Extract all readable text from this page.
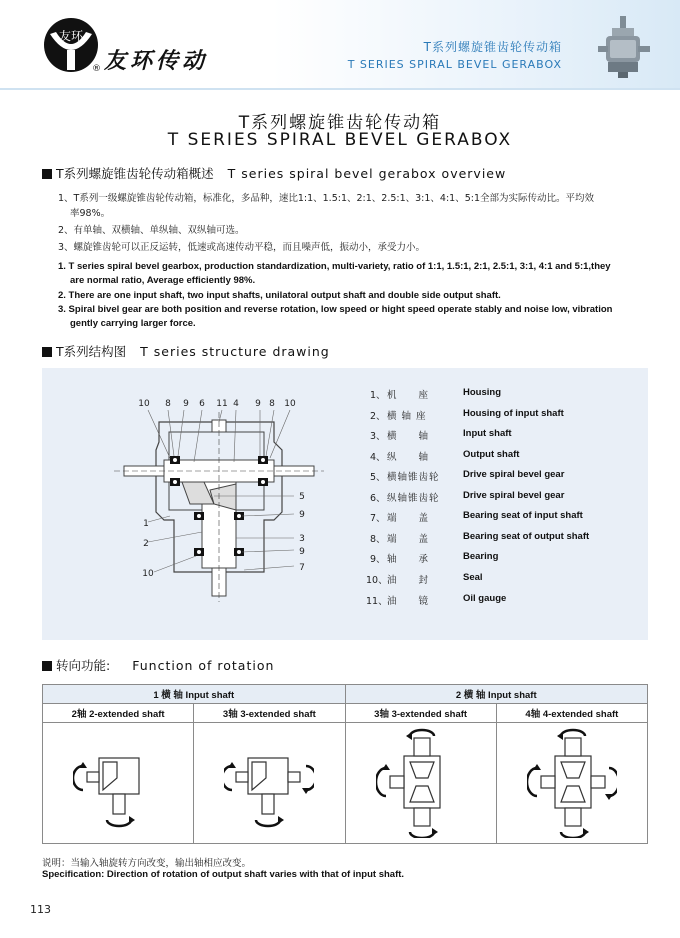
友环
® 友环传动
T系列螺旋锥齿轮传动箱
T SERIES SPIRAL BEVEL GERABOX
T系列螺旋锥齿轮传动箱
T SERIES SPIRAL BEVEL GERABOX
T系列螺旋锥齿轮传动箱概述 T series spiral bevel gerabox overview
1、T系列一级螺旋锥齿轮传动箱，标准化，多品种，速比1:1、1.5:1、2:1、2.5:1、3:1、4:1、5:1全部为实际传动比。平均效
率98%。
2、有单轴、双横轴、单纵轴、双纵轴可选。
3、螺旋锥齿轮可以正反运转，低速或高速传动平稳，而且噪声低，振动小，承受力小。
1. T series spiral bevel gearbox, production standardization, multi-variety, ratio of 1:1, 1.5:1, 2:1, 2.5:1, 3:1, 4:1 and 5:1,they
are normal ratio, Average efficiently 98%.
2. There are one input shaft, two input shafts, unilatoral output shaft and double side output shaft.
3. Spiral bivel gear are both position and reverse rotation, low speed or hight speed operate stably and noise low, vibration
gently carrying larger force.
T系列结构图 T series structure drawing
10 8 9 6 11 4 9 8 10
1
2
10
5
9
3
9
7
1、 机　　座	Housing
2、 横 轴 座	Housing of input shaft
3、 横　　轴	Input shaft
4、 纵　　轴	Output shaft
5、 横轴锥齿轮 Drive spiral bevel gear
6、 纵轴锥齿轮 Drive spiral bevel gear
7、 端　　盖	Bearing seat of input shaft
8、 端　　盖	Bearing seat of output shaft
9、 轴　　承	Bearing
10、 油　　封	Seal
11、 油　　镜	Oil gauge
转向功能: Function of rotation
1 横 轴 Input shaft		2 横 轴 Input shaft	
2轴 2-extended shaft	3轴 3-extended shaft	3轴 3-extended shaft	4轴 4-extended shaft

说明：当输入轴旋转方向改变，输出轴相应改变。
Specification: Direction of rotation of output shaft varies with that of input shaft.
113
